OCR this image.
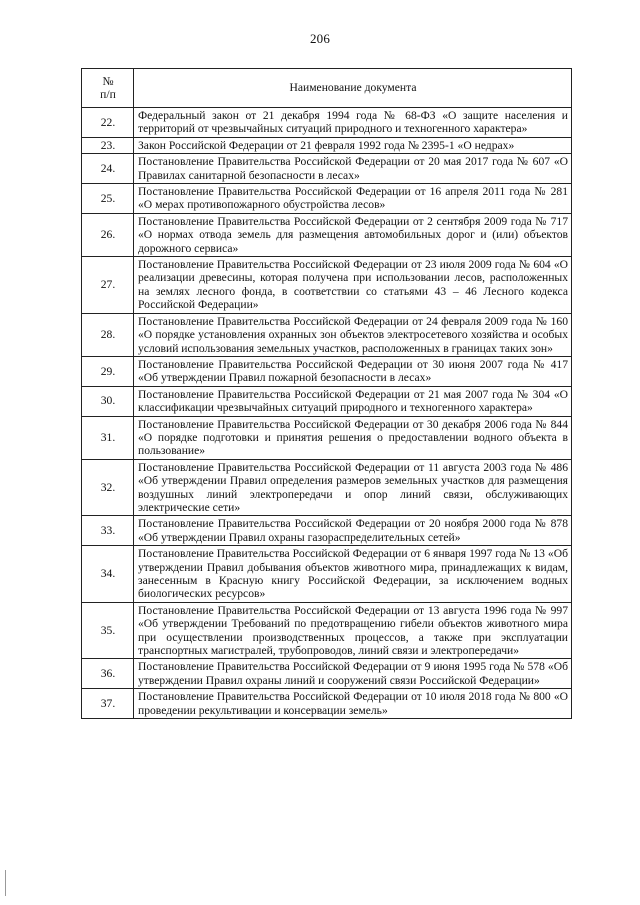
206
№
п/п	Наименование документа
22.	Федеральный закон от 21 декабря 1994 года № 68-ФЗ «О защите населения и территорий от чрезвычайных ситуаций природного и техногенного характера»
23.	Закон Российской Федерации от 21 февраля 1992 года № 2395-1 «О недрах»
24.	Постановление Правительства Российской Федерации от 20 мая 2017 года № 607 «О Правилах санитарной безопасности в лесах»
25.	Постановление Правительства Российской Федерации от 16 апреля 2011 года № 281 «О мерах противопожарного обустройства лесов»
26.	Постановление Правительства Российской Федерации от 2 сентября 2009 года № 717 «О нормах отвода земель для размещения автомобильных дорог и (или) объектов дорожного сервиса»
27.	Постановление Правительства Российской Федерации от 23 июля 2009 года № 604 «О реализации древесины, которая получена при использовании лесов, расположенных на землях лесного фонда, в соответствии со статьями 43 – 46 Лесного кодекса Российской Федерации»
28.	Постановление Правительства Российской Федерации от 24 февраля 2009 года № 160 «О порядке установления охранных зон объектов электросетевого хозяйства и особых условий использования земельных участков, расположенных в границах таких зон»
29.	Постановление Правительства Российской Федерации от 30 июня 2007 года № 417 «Об утверждении Правил пожарной безопасности в лесах»
30.	Постановление Правительства Российской Федерации от 21 мая 2007 года № 304 «О классификации чрезвычайных ситуаций природного и техногенного характера»
31.	Постановление Правительства Российской Федерации от 30 декабря 2006 года № 844 «О порядке подготовки и принятия решения о предоставлении водного объекта в пользование»
32.	Постановление Правительства Российской Федерации от 11 августа 2003 года № 486 «Об утверждении Правил определения размеров земельных участков для размещения воздушных линий электропередачи и опор линий связи, обслуживающих электрические сети»
33.	Постановление Правительства Российской Федерации от 20 ноября 2000 года № 878 «Об утверждении Правил охраны газораспределительных сетей»
34.	Постановление Правительства Российской Федерации от 6 января 1997 года № 13 «Об утверждении Правил добывания объектов животного мира, принадлежащих к видам, занесенным в Красную книгу Российской Федерации, за исключением водных биологических ресурсов»
35.	Постановление Правительства Российской Федерации от 13 августа 1996 года № 997 «Об утверждении Требований по предотвращению гибели объектов животного мира при осуществлении производственных процессов, а также при эксплуатации транспортных магистралей, трубопроводов, линий связи и электропередачи»
36.	Постановление Правительства Российской Федерации от 9 июня 1995 года № 578 «Об утверждении Правил охраны линий и сооружений связи Российской Федерации»
37.	Постановление Правительства Российской Федерации от 10 июля 2018 года № 800 «О проведении рекультивации и консервации земель»
